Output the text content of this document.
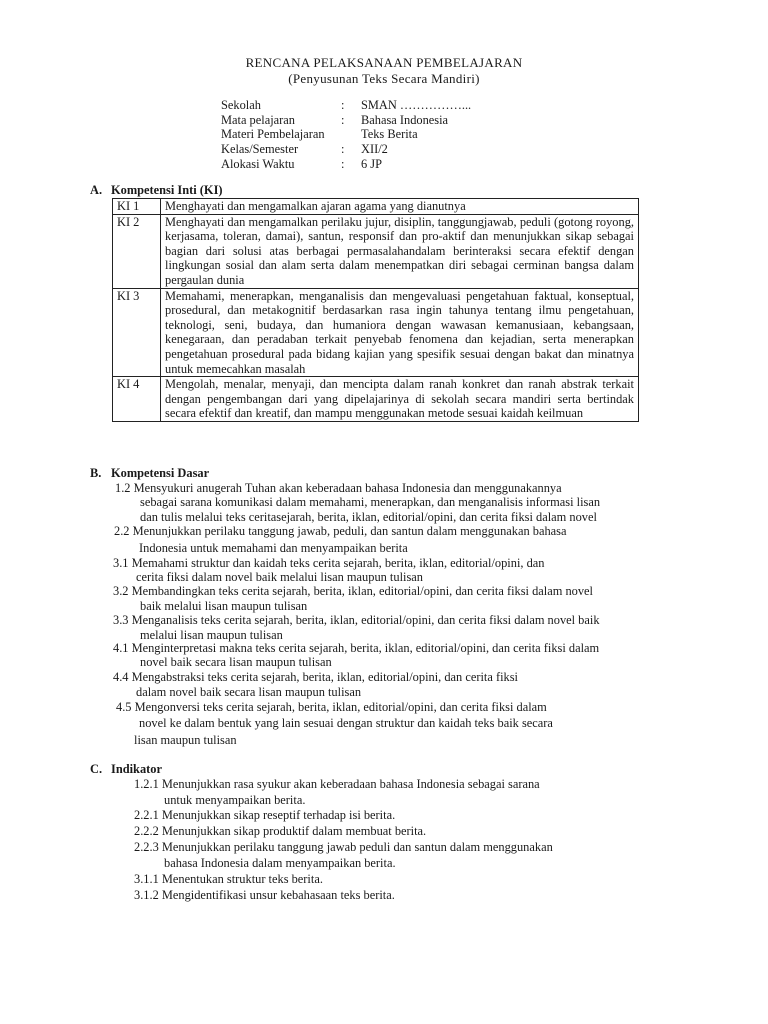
RENCANA PELAKSANAAN PEMBELAJARAN
(Penyusunan Teks Secara Mandiri)
Sekolah	: SMAN ……………...
Mata pelajaran	: Bahasa Indonesia
Materi Pembelajaran	Teks Berita
Kelas/Semester	: XII/2
Alokasi Waktu	: 6 JP
A. Kompetensi Inti (KI)
KI 1	Menghayati dan mengamalkan ajaran agama yang dianutnya
KI 2	Menghayati dan mengamalkan perilaku jujur, disiplin, tanggungjawab, peduli (gotong royong, kerjasama, toleran, damai), santun, responsif dan pro-aktif dan menunjukkan sikap sebagai bagian dari solusi atas berbagai permasalahandalam berinteraksi secara efektif dengan lingkungan sosial dan alam serta dalam menempatkan diri sebagai cerminan bangsa dalam pergaulan dunia
KI 3	Memahami, menerapkan, menganalisis dan mengevaluasi pengetahuan faktual, konseptual, prosedural, dan metakognitif berdasarkan rasa ingin tahunya tentang ilmu pengetahuan, teknologi, seni, budaya, dan humaniora dengan wawasan kemanusiaan, kebangsaan, kenegaraan, dan peradaban terkait penyebab fenomena dan kejadian, serta menerapkan pengetahuan prosedural pada bidang kajian yang spesifik sesuai dengan bakat dan minatnya untuk memecahkan masalah
KI 4	Mengolah, menalar, menyaji, dan mencipta dalam ranah konkret dan ranah abstrak terkait dengan pengembangan dari yang dipelajarinya di sekolah secara mandiri serta bertindak secara efektif dan kreatif, dan mampu menggunakan metode sesuai kaidah keilmuan
B. Kompetensi Dasar
1.2 Mensyukuri anugerah Tuhan akan keberadaan bahasa Indonesia dan menggunakannya
sebagai sarana komunikasi dalam memahami, menerapkan, dan menganalisis informasi lisan
dan tulis melalui teks ceritasejarah, berita, iklan, editorial/opini, dan cerita fiksi dalam novel
2.2 Menunjukkan perilaku tanggung jawab, peduli, dan santun dalam menggunakan bahasa
Indonesia untuk memahami dan menyampaikan berita
3.1 Memahami struktur dan kaidah teks cerita sejarah, berita, iklan, editorial/opini, dan
cerita fiksi dalam novel baik melalui lisan maupun tulisan
3.2 Membandingkan teks cerita sejarah, berita, iklan, editorial/opini, dan cerita fiksi dalam novel
baik melalui lisan maupun tulisan
3.3 Menganalisis teks cerita sejarah, berita, iklan, editorial/opini, dan cerita fiksi dalam novel baik
melalui lisan maupun tulisan
4.1 Menginterpretasi makna teks cerita sejarah, berita, iklan, editorial/opini, dan cerita fiksi dalam
novel baik secara lisan maupun tulisan
4.4 Mengabstraksi teks cerita sejarah, berita, iklan, editorial/opini, dan cerita fiksi
dalam novel baik secara lisan maupun tulisan
4.5 Mengonversi teks cerita sejarah, berita, iklan, editorial/opini, dan cerita fiksi dalam
novel ke dalam bentuk yang lain sesuai dengan struktur dan kaidah teks baik secara
lisan maupun tulisan
C. Indikator
1.2.1 Menunjukkan rasa syukur akan keberadaan bahasa Indonesia sebagai sarana
untuk menyampaikan berita.
2.2.1 Menunjukkan sikap reseptif terhadap isi berita.
2.2.2 Menunjukkan sikap produktif dalam membuat berita.
2.2.3 Menunjukkan perilaku tanggung jawab peduli dan santun dalam menggunakan
bahasa Indonesia dalam menyampaikan berita.
3.1.1 Menentukan struktur teks berita.
3.1.2 Mengidentifikasi unsur kebahasaan teks berita.
